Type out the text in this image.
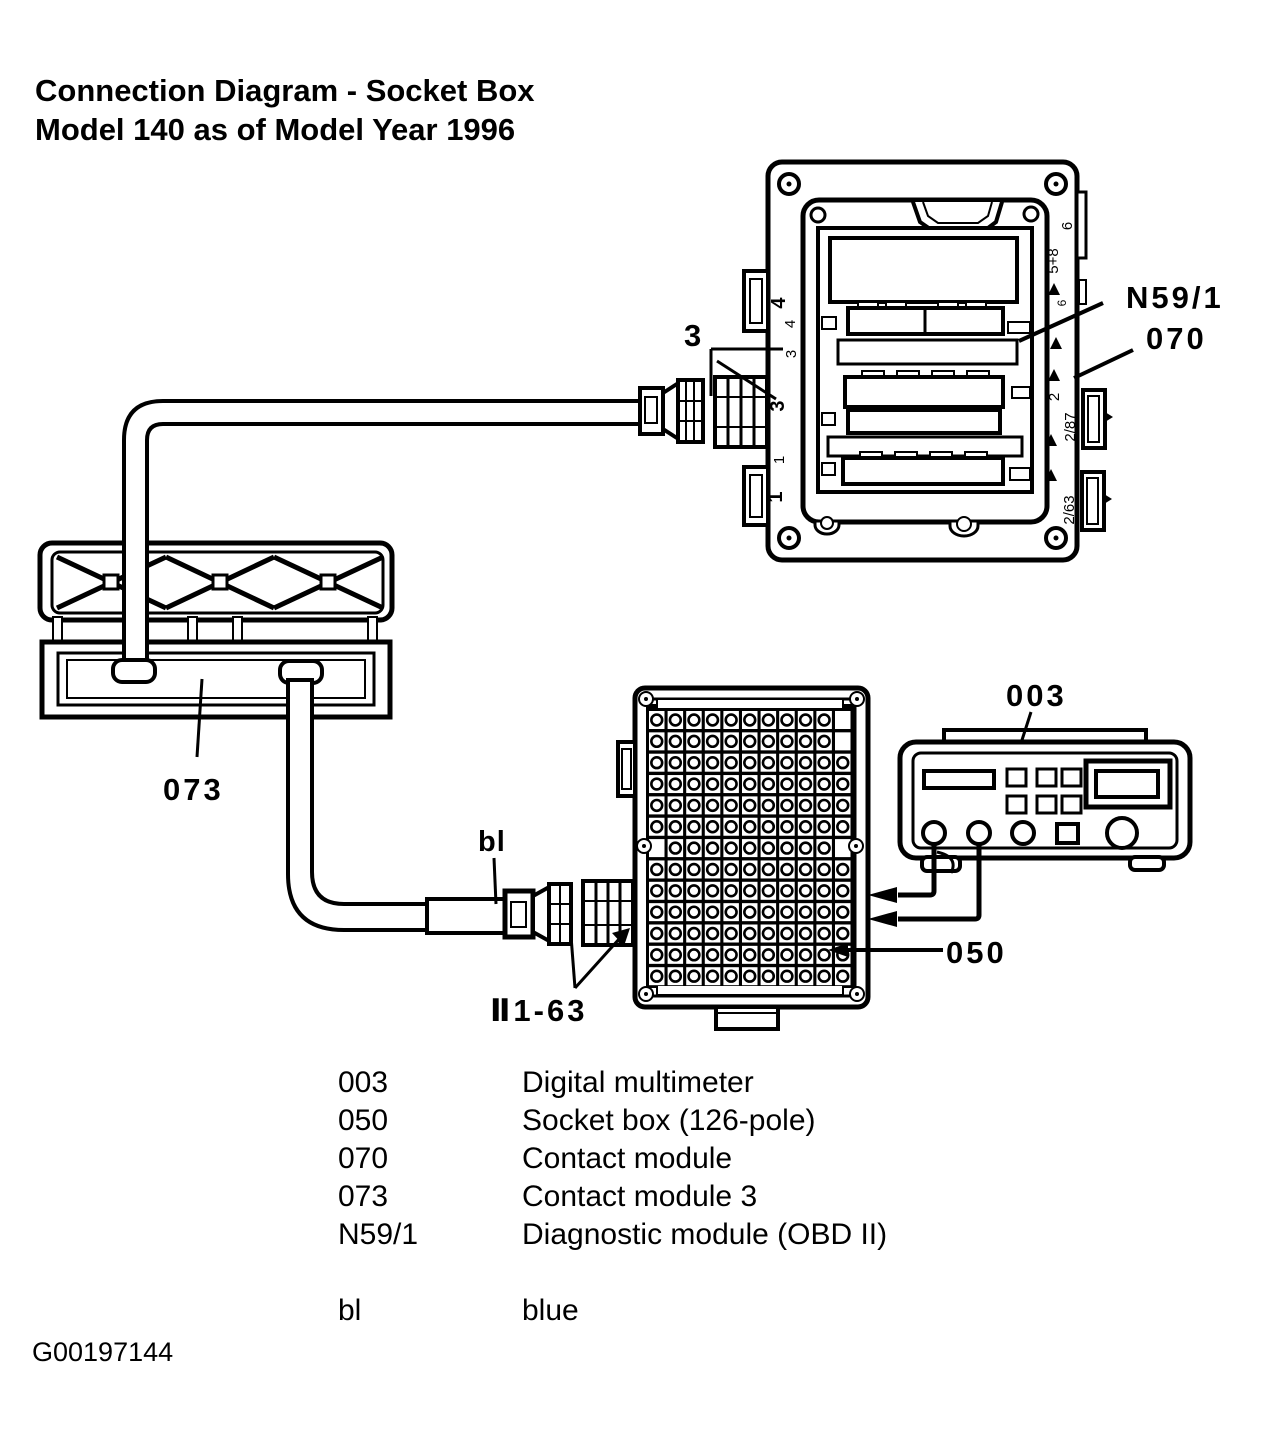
Connection Diagram - Socket Box
Model 140 as of Model Year 1996
4
4
3
3
1
1
6
5+8
6
2
2/87
2/63
N59/1
070
3
073
bl
Ⅱ1-63
050
003
003	Digital multimeter
050	Socket box (126-pole)
070	Contact module
073	Contact module 3
N59/1	Diagnostic module (OBD II)
bl	blue
G00197144
